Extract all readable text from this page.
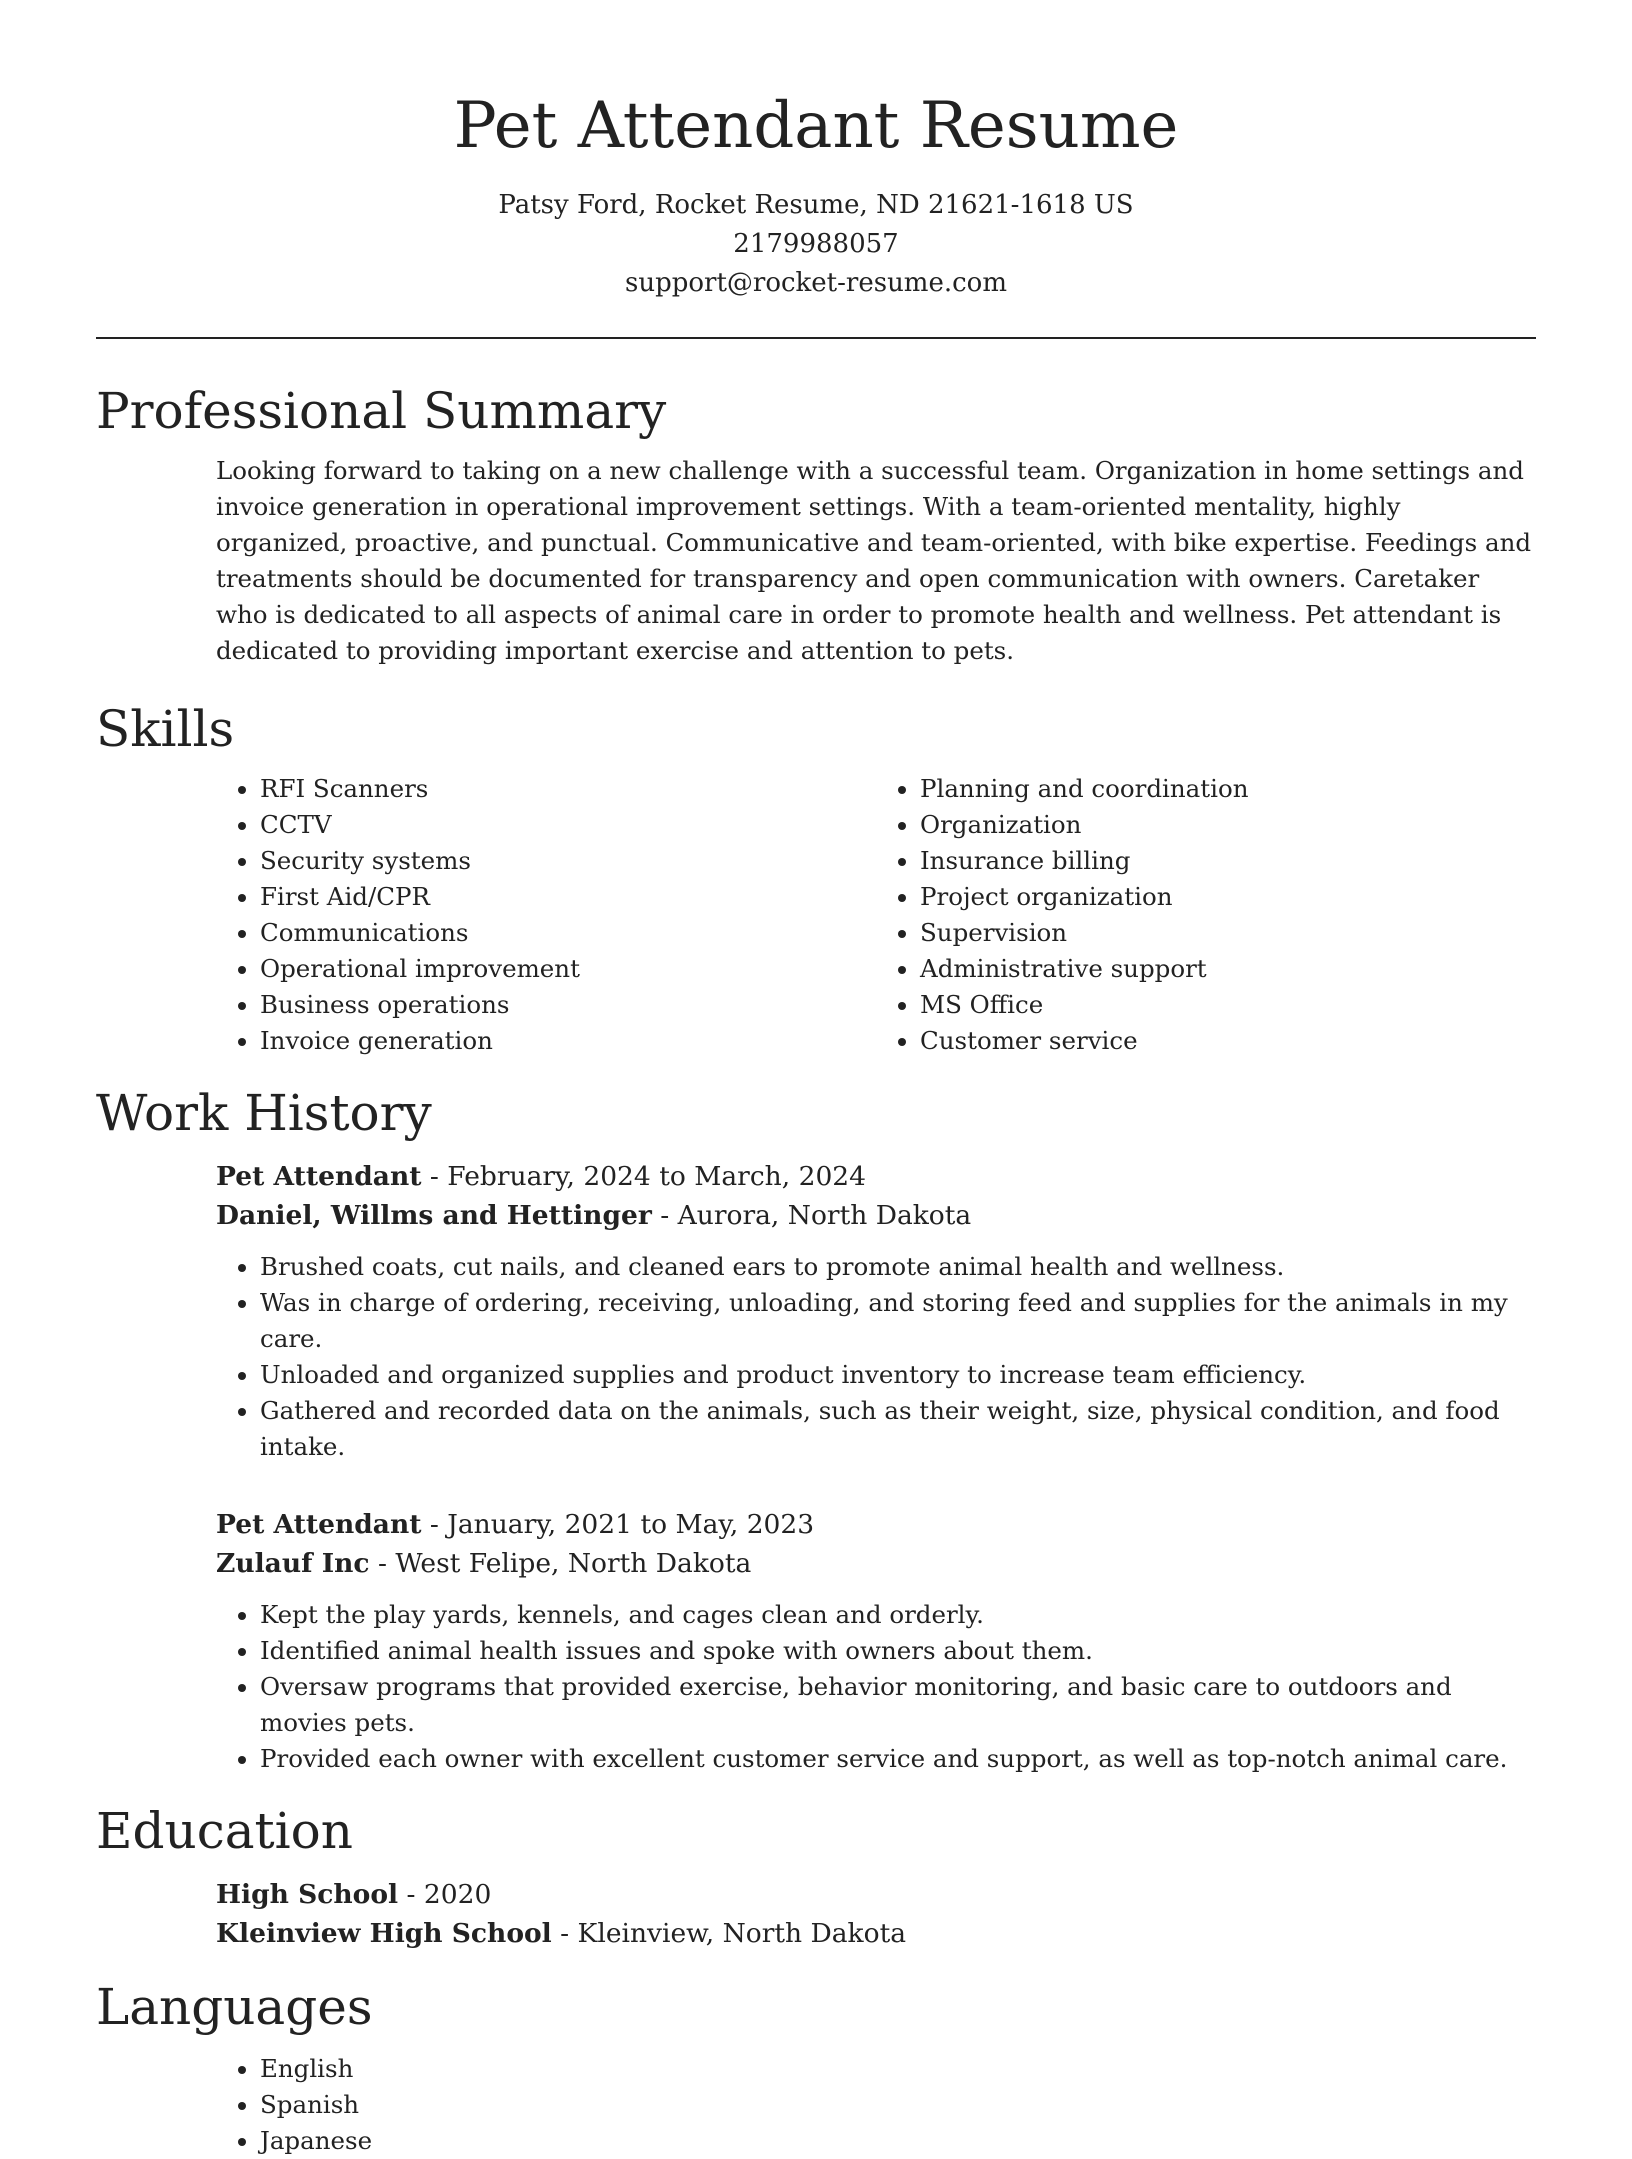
Pet Attendant Resume
Patsy Ford, Rocket Resume, ND 21621-1618 US
2179988057
support@rocket-resume.com
Professional Summary

Looking forward to taking on a new challenge with a successful team. Organization in home settings and invoice generation in operational improvement settings. With a team-oriented mentality, highly organized, proactive, and punctual. Communicative and team-oriented, with bike expertise. Feedings and treatments should be documented for transparency and open communication with owners. Caretaker who is dedicated to all aspects of animal care in order to promote health and wellness. Pet attendant is dedicated to providing important exercise and attention to pets.

Skills
• RFI Scanners
• CCTV
• Security systems
• First Aid/CPR
• Communications
• Operational improvement
• Business operations
• Invoice generation
• Planning and coordination
• Organization
• Insurance billing
• Project organization
• Supervision
• Administrative support
• MS Office
• Customer service
Work History
Pet Attendant - February, 2024 to March, 2024
Daniel, Willms and Hettinger - Aurora, North Dakota
• Brushed coats, cut nails, and cleaned ears to promote animal health and wellness.
• Was in charge of ordering, receiving, unloading, and storing feed and supplies for the animals in my care.
• Unloaded and organized supplies and product inventory to increase team efficiency.
• Gathered and recorded data on the animals, such as their weight, size, physical condition, and food intake.
Pet Attendant - January, 2021 to May, 2023
Zulauf Inc - West Felipe, North Dakota
• Kept the play yards, kennels, and cages clean and orderly.
• Identified animal health issues and spoke with owners about them.
• Oversaw programs that provided exercise, behavior monitoring, and basic care to outdoors and movies pets.
• Provided each owner with excellent customer service and support, as well as top-notch animal care.
Education
High School - 2020
Kleinview High School - Kleinview, North Dakota
Languages
• English
• Spanish
• Japanese
